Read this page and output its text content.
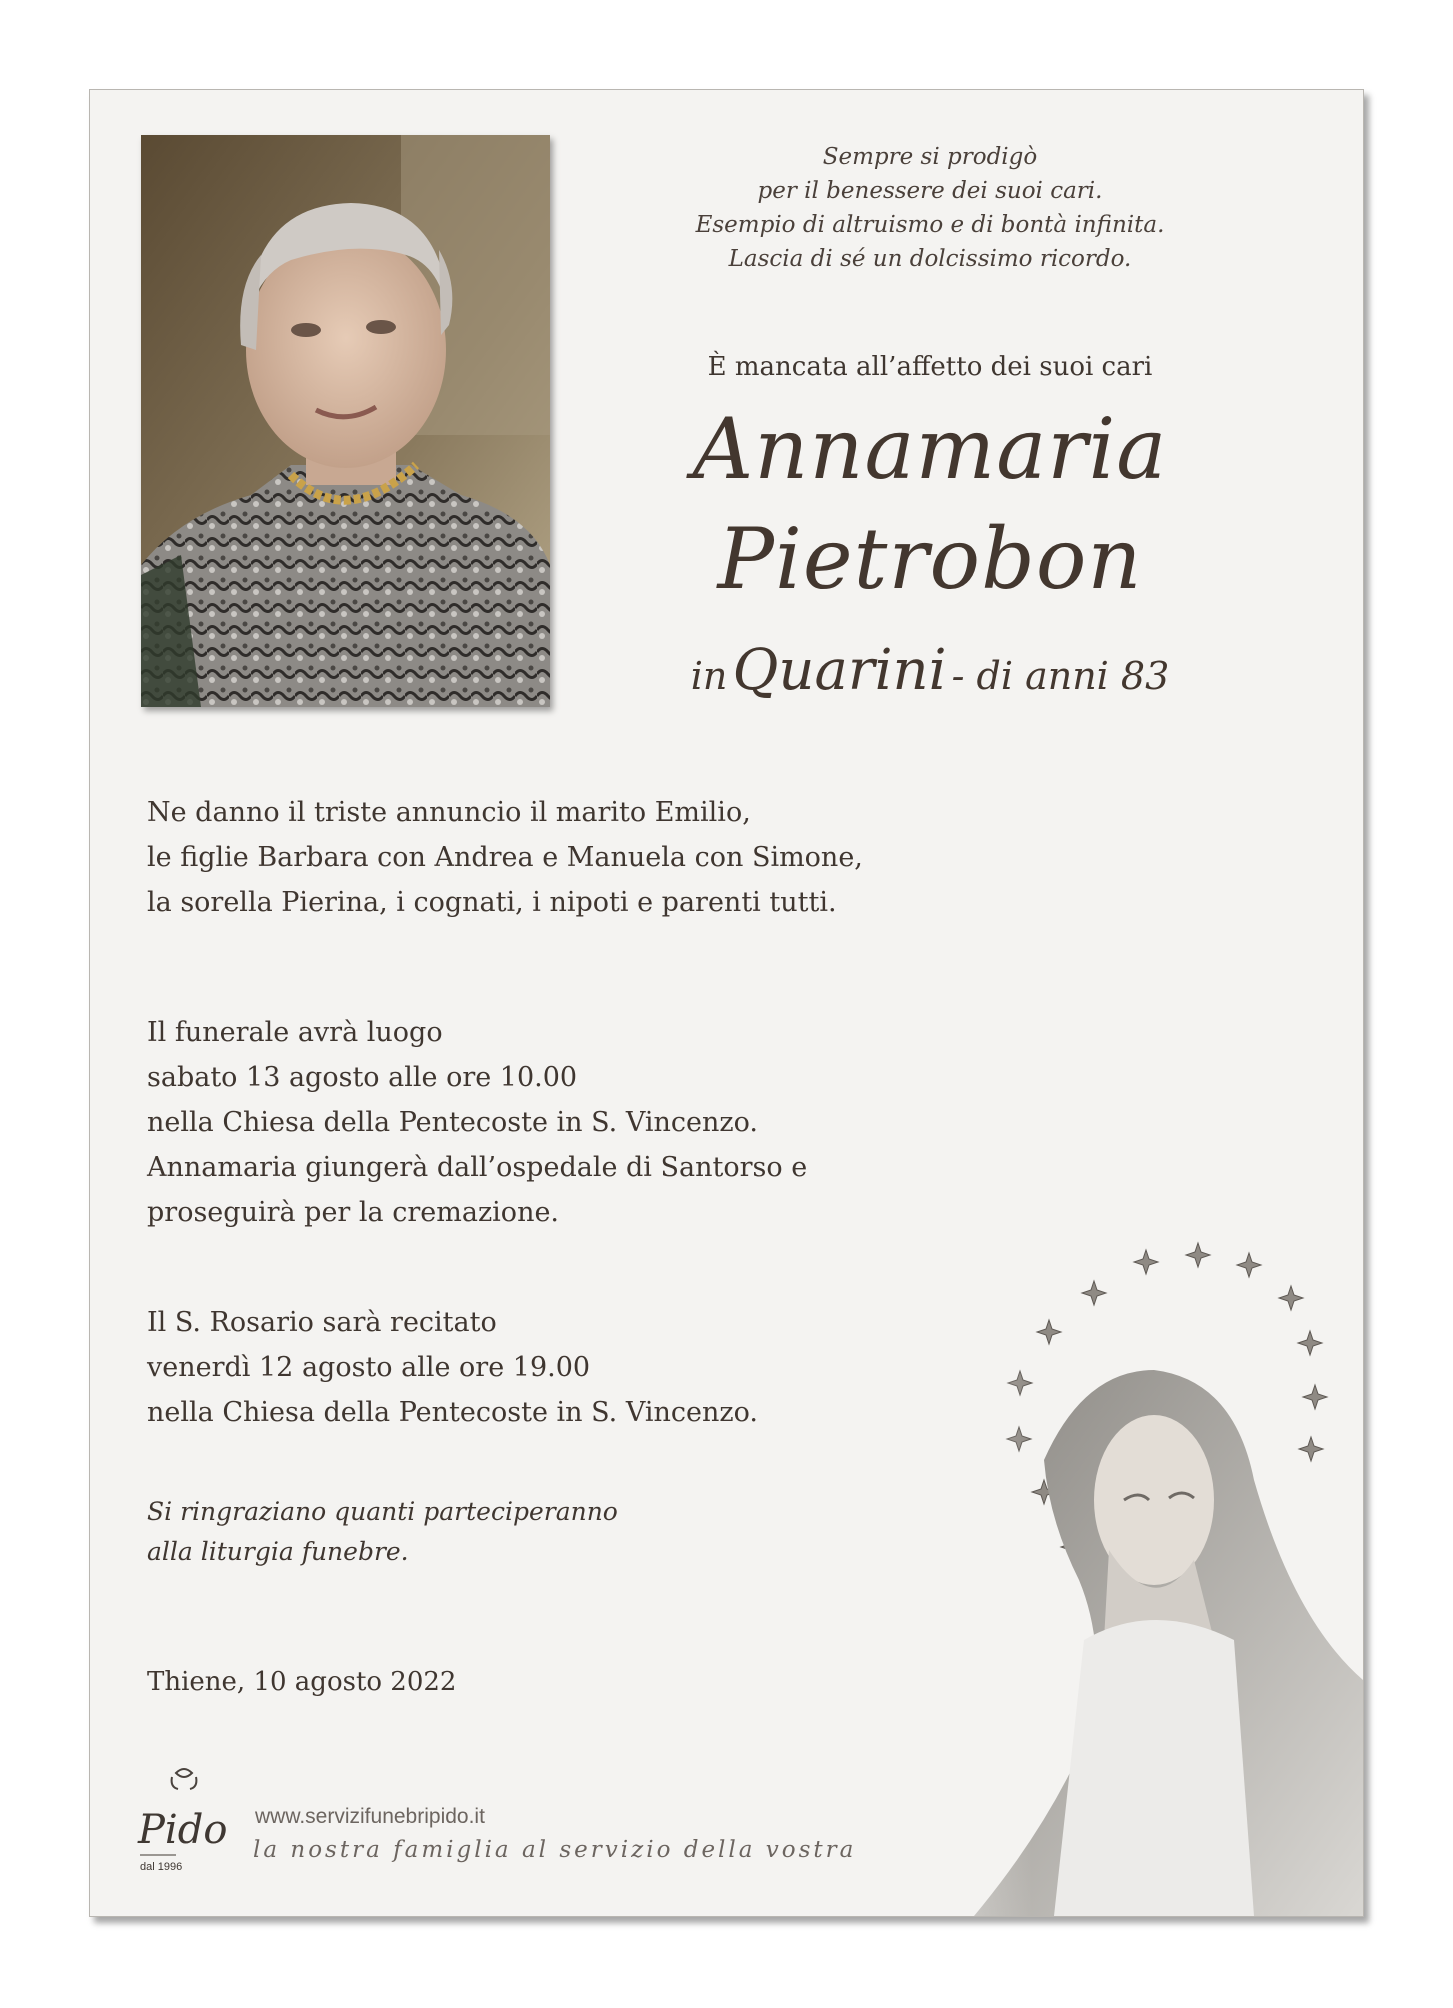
Sempre si prodigò
per il benessere dei suoi cari.
Esempio di altruismo e di bontà infinita.
Lascia di sé un dolcissimo ricordo.
È mancata all’affetto dei suoi cari
Annamaria
Pietrobon
in Quarini - di anni 83
Ne danno il triste annuncio il marito Emilio,
le figlie Barbara con Andrea e Manuela con Simone,
la sorella Pierina, i cognati, i nipoti e parenti tutti.
Il funerale avrà luogo
sabato 13 agosto alle ore 10.00
nella Chiesa della Pentecoste in S. Vincenzo.
Annamaria giungerà dall’ospedale di Santorso e
proseguirà per la cremazione.
Il S. Rosario sarà recitato
venerdì 12 agosto alle ore 19.00
nella Chiesa della Pentecoste in S. Vincenzo.
Si ringraziano quanti parteciperanno
alla liturgia funebre.
Thiene, 10 agosto 2022
Pido
dal 1996
www.servizifunebripido.it
la nostra famiglia al servizio della vostra
